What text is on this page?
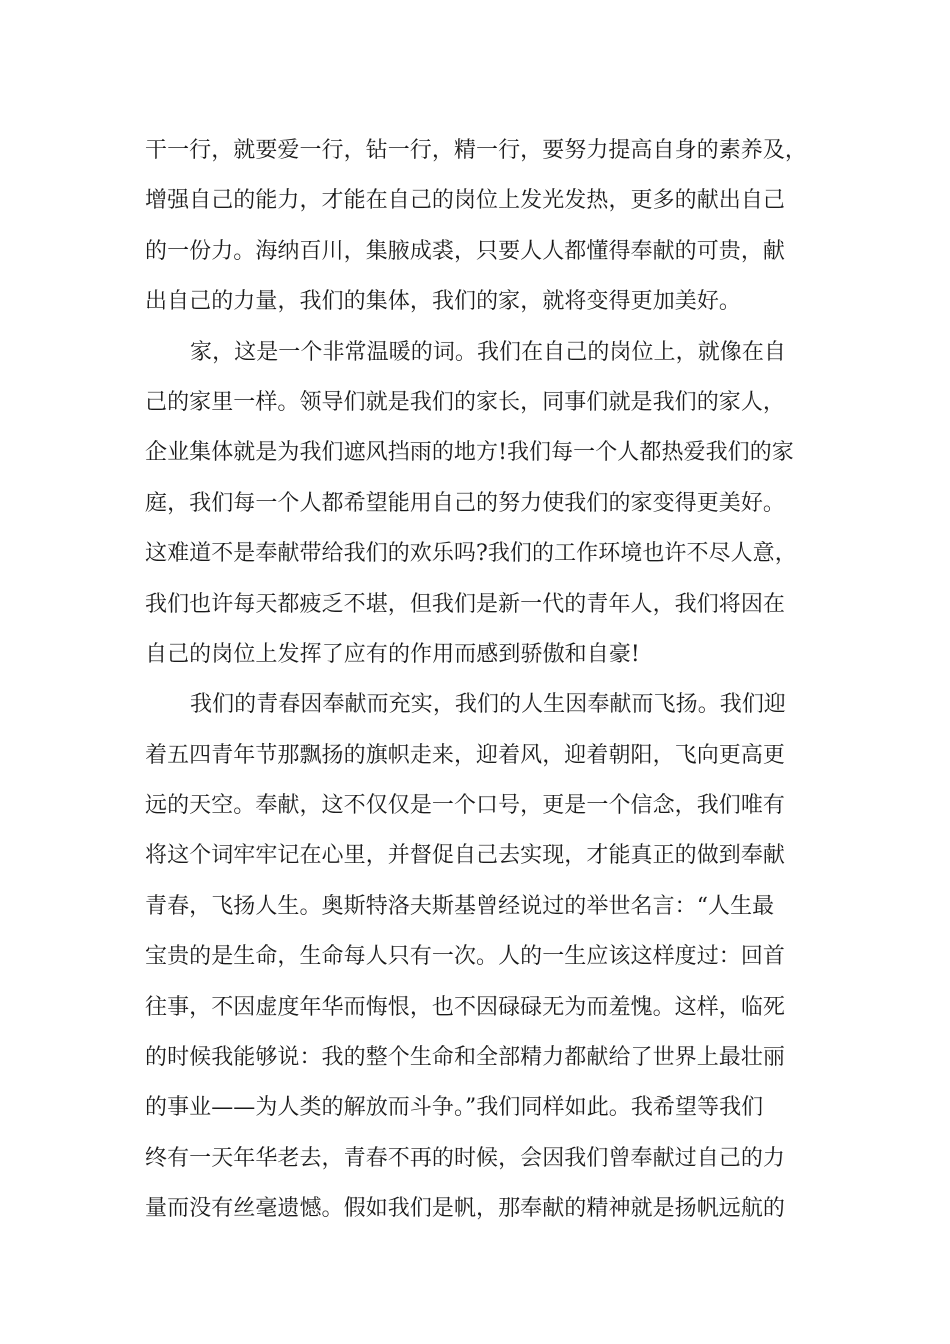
干一行，就要爱一行，钻一行，精一行，要努力提高自身的素养及，
增强自己的能力，才能在自己的岗位上发光发热，更多的献出自己
的一份力。海纳百川，集腋成裘，只要人人都懂得奉献的可贵，献
出自己的力量，我们的集体，我们的家，就将变得更加美好。
家，这是一个非常温暖的词。我们在自己的岗位上，就像在自
己的家里一样。领导们就是我们的家长，同事们就是我们的家人，
企业集体就是为我们遮风挡雨的地方!我们每一个人都热爱我们的家
庭，我们每一个人都希望能用自己的努力使我们的家变得更美好。
这难道不是奉献带给我们的欢乐吗?我们的工作环境也许不尽人意，
我们也许每天都疲乏不堪，但我们是新一代的青年人，我们将因在
自己的岗位上发挥了应有的作用而感到骄傲和自豪!
我们的青春因奉献而充实，我们的人生因奉献而飞扬。我们迎
着五四青年节那飘扬的旗帜走来，迎着风，迎着朝阳，飞向更高更
远的天空。奉献，这不仅仅是一个口号，更是一个信念，我们唯有
将这个词牢牢记在心里，并督促自己去实现，才能真正的做到奉献
青春，飞扬人生。奥斯特洛夫斯基曾经说过的举世名言：“人生最
宝贵的是生命，生命每人只有一次。人的一生应该这样度过：回首
往事，不因虚度年华而悔恨，也不因碌碌无为而羞愧。这样，临死
的时候我能够说：我的整个生命和全部精力都献给了世界上最壮丽
的事业——为人类的解放而斗争。”我们同样如此。我希望等我们
终有一天年华老去，青春不再的时候，会因我们曾奉献过自己的力
量而没有丝毫遗憾。假如我们是帆，那奉献的精神就是扬帆远航的
